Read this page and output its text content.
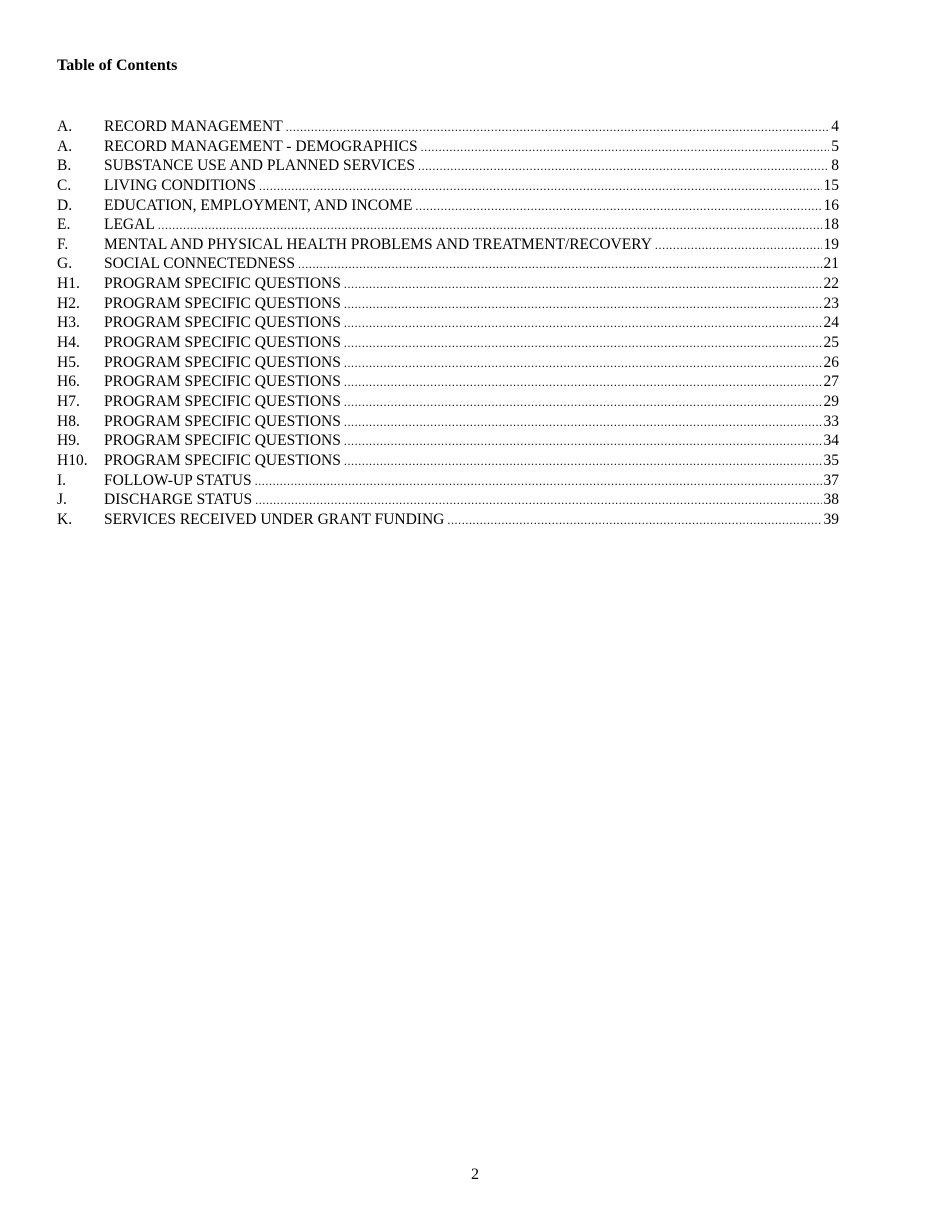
Table of Contents
A.	RECORD MANAGEMENT .....	4
A.	RECORD MANAGEMENT - DEMOGRAPHICS .....	5
B.	SUBSTANCE USE AND PLANNED SERVICES .....	8
C.	LIVING CONDITIONS .....	15
D.	EDUCATION, EMPLOYMENT, AND INCOME .....	16
E.	LEGAL .....	18
F.	MENTAL AND PHYSICAL HEALTH PROBLEMS AND TREATMENT/RECOVERY .....	19
G.	SOCIAL CONNECTEDNESS .....	21
H1.	PROGRAM SPECIFIC QUESTIONS .....	22
H2.	PROGRAM SPECIFIC QUESTIONS .....	23
H3.	PROGRAM SPECIFIC QUESTIONS .....	24
H4.	PROGRAM SPECIFIC QUESTIONS .....	25
H5.	PROGRAM SPECIFIC QUESTIONS .....	26
H6.	PROGRAM SPECIFIC QUESTIONS .....	27
H7.	PROGRAM SPECIFIC QUESTIONS .....	29
H8.	PROGRAM SPECIFIC QUESTIONS .....	33
H9.	PROGRAM SPECIFIC QUESTIONS .....	34
H10.	PROGRAM SPECIFIC QUESTIONS .....	35
I.	FOLLOW-UP STATUS .....	37
J.	DISCHARGE STATUS .....	38
K.	SERVICES RECEIVED UNDER GRANT FUNDING .....	39
2
